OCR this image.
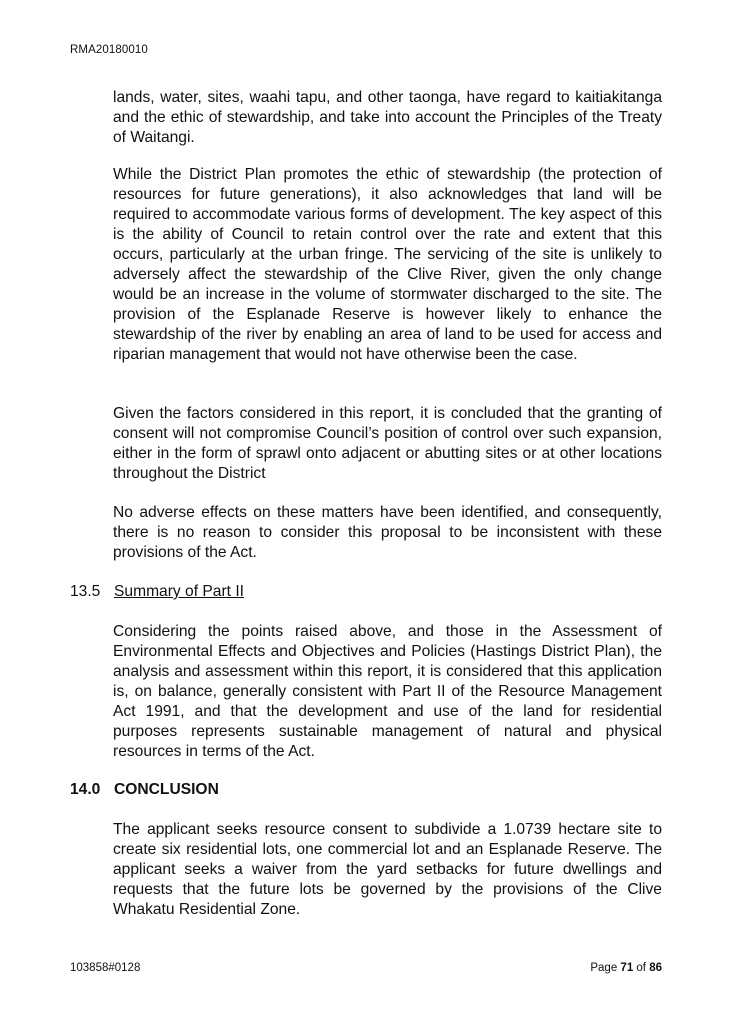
RMA20180010

lands, water, sites, waahi tapu, and other taonga, have regard to kaitiakitanga and the ethic of stewardship, and take into account the Principles of the Treaty of Waitangi.

While the District Plan promotes the ethic of stewardship (the protection of resources for future generations), it also acknowledges that land will be required to accommodate various forms of development. The key aspect of this is the ability of Council to retain control over the rate and extent that this occurs, particularly at the urban fringe. The servicing of the site is unlikely to adversely affect the stewardship of the Clive River, given the only change would be an increase in the volume of stormwater discharged to the site. The provision of the Esplanade Reserve is however likely to enhance the stewardship of the river by enabling an area of land to be used for access and riparian management that would not have otherwise been the case.

Given the factors considered in this report, it is concluded that the granting of consent will not compromise Council’s position of control over such expansion, either in the form of sprawl onto adjacent or abutting sites or at other locations throughout the District

No adverse effects on these matters have been identified, and consequently, there is no reason to consider this proposal to be inconsistent with these provisions of the Act.

13.5 Summary of Part II

Considering the points raised above, and those in the Assessment of Environmental Effects and Objectives and Policies (Hastings District Plan), the analysis and assessment within this report, it is considered that this application is, on balance, generally consistent with Part II of the Resource Management Act 1991, and that the development and use of the land for residential purposes represents sustainable management of natural and physical resources in terms of the Act.

14.0 CONCLUSION

The applicant seeks resource consent to subdivide a 1.0739 hectare site to create six residential lots, one commercial lot and an Esplanade Reserve. The applicant seeks a waiver from the yard setbacks for future dwellings and requests that the future lots be governed by the provisions of the Clive Whakatu Residential Zone.

103858#0128	Page 71 of 86
